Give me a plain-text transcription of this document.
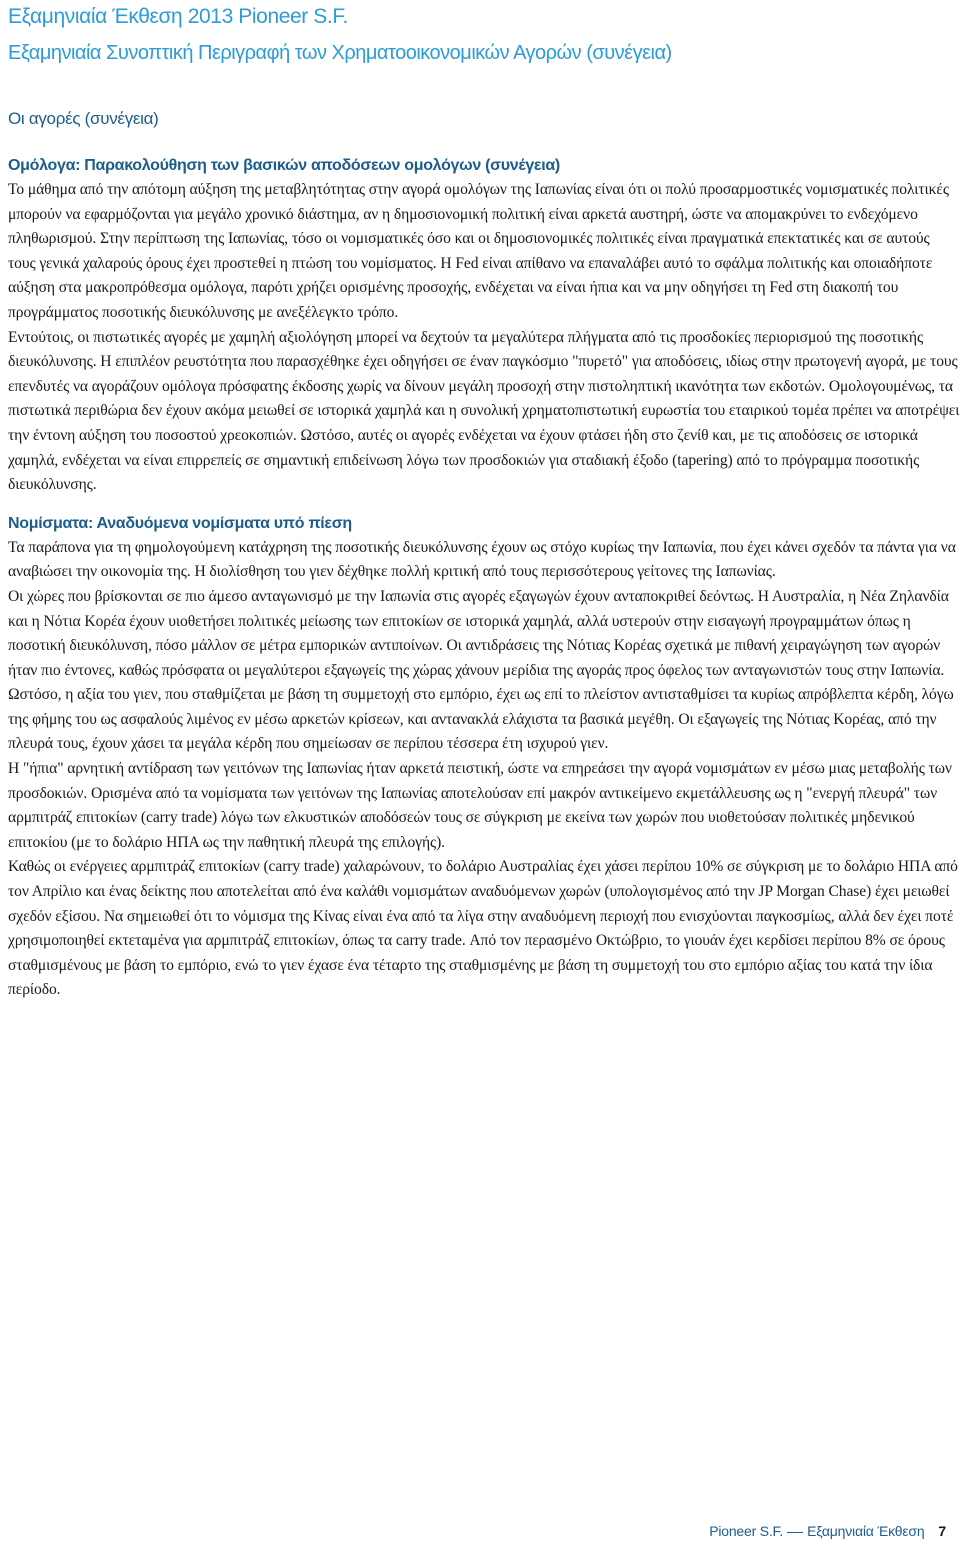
Εξαμηνιαία Έκθεση 2013 Pioneer S.F.
Εξαμηνιαία Συνοπτική Περιγραφή των Χρηματοοικονομικών Αγορών (συνέγεια)
Οι αγορές (συνέγεια)
Ομόλογα: Παρακολούθηση των βασικών αποδόσεων ομολόγων (συνέγεια)

Το μάθημα από την απότομη αύξηση της μεταβλητότητας στην αγορά ομολόγων της Ιαπωνίας είναι ότι οι πολύ προσαρμοστικές νομισματικές πολιτικές μπορούν να εφαρμόζονται για μεγάλο χρονικό διάστημα, αν η δημοσιονομική πολιτική είναι αρκετά αυστηρή, ώστε να απομακρύνει το ενδεχόμενο πληθωρισμού. Στην περίπτωση της Ιαπωνίας, τόσο οι νομισματικές όσο και οι δημοσιονομικές πολιτικές είναι πραγματικά επεκτατικές και σε αυτούς τους γενικά χαλαρούς όρους έχει προστεθεί η πτώση του νομίσματος. Η Fed είναι απίθανο να επαναλάβει αυτό το σφάλμα πολιτικής και οποιαδήποτε αύξηση στα μακροπρόθεσμα ομόλογα, παρότι χρήζει ορισμένης προσοχής, ενδέχεται να είναι ήπια και να μην οδηγήσει τη Fed στη διακοπή του προγράμματος ποσοτικής διευκόλυνσης με ανεξέλεγκτο τρόπο.

Εντούτοις, οι πιστωτικές αγορές με χαμηλή αξιολόγηση μπορεί να δεχτούν τα μεγαλύτερα πλήγματα από τις προσδοκίες περιορισμού της ποσοτικής διευκόλυνσης. Η επιπλέον ρευστότητα που παρασχέθηκε έχει οδηγήσει σε έναν παγκόσμιο "πυρετό" για αποδόσεις, ιδίως στην πρωτογενή αγορά, με τους επενδυτές να αγοράζουν ομόλογα πρόσφατης έκδοσης χωρίς να δίνουν μεγάλη προσοχή στην πιστοληπτική ικανότητα των εκδοτών. Ομολογουμένως, τα πιστωτικά περιθώρια δεν έχουν ακόμα μειωθεί σε ιστορικά χαμηλά και η συνολική χρηματοπιστωτική ευρωστία του εταιρικού τομέα πρέπει να αποτρέψει την έντονη αύξηση του ποσοστού χρεοκοπιών. Ωστόσο, αυτές οι αγορές ενδέχεται να έχουν φτάσει ήδη στο ζενίθ και, με τις αποδόσεις σε ιστορικά χαμηλά, ενδέχεται να είναι επιρρεπείς σε σημαντική επιδείνωση λόγω των προσδοκιών για σταδιακή έξοδο (tapering) από το πρόγραμμα ποσοτικής διευκόλυνσης.

Νομίσματα: Αναδυόμενα νομίσματα υπό πίεση

Τα παράπονα για τη φημολογούμενη κατάχρηση της ποσοτικής διευκόλυνσης έχουν ως στόχο κυρίως την Ιαπωνία, που έχει κάνει σχεδόν τα πάντα για να αναβιώσει την οικονομία της. Η διολίσθηση του γιεν δέχθηκε πολλή κριτική από τους περισσότερους γείτονες της Ιαπωνίας.

Οι χώρες που βρίσκονται σε πιο άμεσο ανταγωνισμό με την Ιαπωνία στις αγορές εξαγωγών έχουν ανταποκριθεί δεόντως. Η Αυστραλία, η Νέα Ζηλανδία και η Νότια Κορέα έχουν υιοθετήσει πολιτικές μείωσης των επιτοκίων σε ιστορικά χαμηλά, αλλά υστερούν στην εισαγωγή προγραμμάτων όπως η ποσοτική διευκόλυνση, πόσο μάλλον σε μέτρα εμπορικών αντιποίνων. Οι αντιδράσεις της Νότιας Κορέας σχετικά με πιθανή χειραγώγηση των αγορών ήταν πιο έντονες, καθώς πρόσφατα οι μεγαλύτεροι εξαγωγείς της χώρας χάνουν μερίδια της αγοράς προς όφελος των ανταγωνιστών τους στην Ιαπωνία.

Ωστόσο, η αξία του γιεν, που σταθμίζεται με βάση τη συμμετοχή στο εμπόριο, έχει ως επί το πλείστον αντισταθμίσει τα κυρίως απρόβλεπτα κέρδη, λόγω της φήμης του ως ασφαλούς λιμένος εν μέσω αρκετών κρίσεων, και αντανακλά ελάχιστα τα βασικά μεγέθη. Οι εξαγωγείς της Νότιας Κορέας, από την πλευρά τους, έχουν χάσει τα μεγάλα κέρδη που σημείωσαν σε περίπου τέσσερα έτη ισχυρού γιεν.

Η "ήπια" αρνητική αντίδραση των γειτόνων της Ιαπωνίας ήταν αρκετά πειστική, ώστε να επηρεάσει την αγορά νομισμάτων εν μέσω μιας μεταβολής των προσδοκιών. Ορισμένα από τα νομίσματα των γειτόνων της Ιαπωνίας αποτελούσαν επί μακρόν αντικείμενο εκμετάλλευσης ως η "ενεργή πλευρά" των αρμπιτράζ επιτοκίων (carry trade) λόγω των ελκυστικών αποδόσεών τους σε σύγκριση με εκείνα των χωρών που υιοθετούσαν πολιτικές μηδενικού επιτοκίου (με το δολάριο ΗΠΑ ως την παθητική πλευρά της επιλογής).

Καθώς οι ενέργειες αρμπιτράζ επιτοκίων (carry trade) χαλαρώνουν, το δολάριο Αυστραλίας έχει χάσει περίπου 10% σε σύγκριση με το δολάριο ΗΠΑ από τον Απρίλιο και ένας δείκτης που αποτελείται από ένα καλάθι νομισμάτων αναδυόμενων χωρών (υπολογισμένος από την JP Morgan Chase) έχει μειωθεί σχεδόν εξίσου. Να σημειωθεί ότι το νόμισμα της Κίνας είναι ένα από τα λίγα στην αναδυόμενη περιοχή που ενισχύονται παγκοσμίως, αλλά δεν έχει ποτέ χρησιμοποιηθεί εκτεταμένα για αρμπιτράζ επιτοκίων, όπως τα carry trade. Από τον περασμένο Οκτώβριο, το γιουάν έχει κερδίσει περίπου 8% σε όρους σταθμισμένους με βάση το εμπόριο, ενώ το γιεν έχασε ένα τέταρτο της σταθμισμένης με βάση τη συμμετοχή του στο εμπόριο αξίας του κατά την ίδια περίοδο.

Pioneer S.F. Εξαμηνιαία Έκθεση 7
